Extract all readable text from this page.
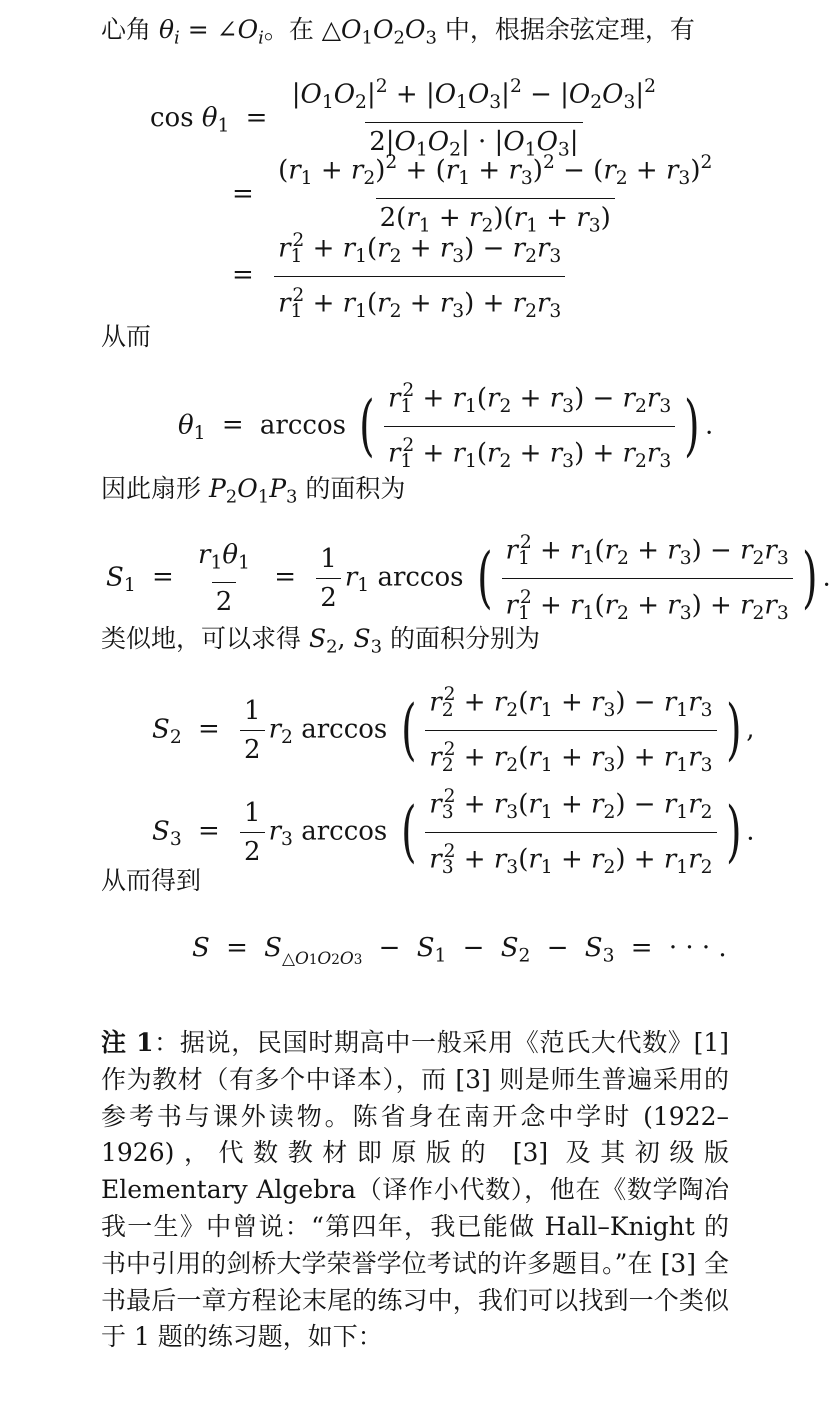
心角 $\theta_i$ = $\angle O_i$。在 $\triangle O_1O_2O_3$ 中，根据余弦定理，有
$\cos \theta_1 = \frac{|O_1O_2|^2 + |O_1O_3|^2 - |O_2O_3|^2}{2|O_1O_2| \cdot |O_1O_3|}$
= $\frac{(r_1 + r_2)^2 + (r_1 + r_3)^2 - (r_2 + r_3)^2}{2(r_1 + r_2)(r_1 + r_3)}$
= $\frac{r_1^2 + r_1(r_2 + r_3) - r_2r_3}{r_1^2 + r_1(r_2 + r_3) + r_2r_3}$
从而
$\theta_1 = \arccos$ ( $\frac{r_1^2 + r_1(r_2 + r_3) - r_2r_3}{r_1^2 + r_1(r_2 + r_3) + r_2r_3}$ ) .
因此扇形 $P_2O_1P_3$ 的面积为
$S_1 = \frac{r_1\theta_1}{2} = \frac{1}{2} r_1$ arccos ( $\frac{r_1^2 + r_1(r_2 + r_3) - r_2r_3}{r_1^2 + r_1(r_2 + r_3) + r_2r_3}$ ) .
类似地，可以求得 $S_2$, $S_3$ 的面积分别为
$S_2 = \frac{1}{2} r_2$ arccos ( $\frac{r_2^2 + r_2(r_1 + r_3) - r_1r_3}{r_2^2 + r_2(r_1 + r_3) + r_1r_3}$ ) ,
$S_3 = \frac{1}{2} r_3$ arccos ( $\frac{r_3^2 + r_3(r_1 + r_2) - r_1r_2}{r_3^2 + r_3(r_1 + r_2) + r_1r_2}$ ) .
从而得到
$S = S_{\triangle O1O2O3} - S_1 - S_2 - S_3$ = · · · .
注 1：据说，民国时期高中一般采用《范氏大代数》[1] 作为教材（有多个中译本），而 [3] 则是师生普遍采用的参考书与课外读物。陈省身在南开念中学时 (1922–1926)，代数教材即原版的 [3] 及其初级版 Elementary Algebra（译作小代数），他在《数学陶冶我一生》中曾说：“第四年，我已能做 Hall–Knight 的书中引用的剑桥大学荣誉学位考试的许多题目。”在 [3] 全书最后一章方程论末尾的练习中，我们可以找到一个类似于 1 题的练习题，如下：
